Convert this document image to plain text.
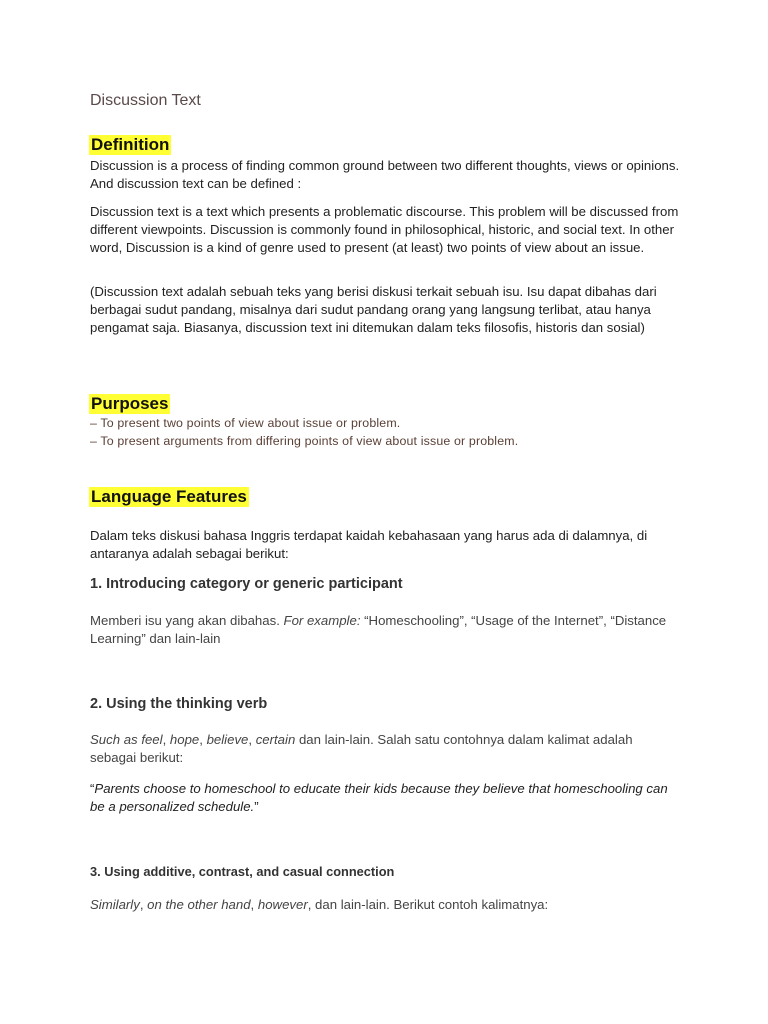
Discussion Text
Definition

Discussion is a process of finding common ground between two different thoughts, views or opinions. And discussion text can be defined :

Discussion text is a text which presents a problematic discourse. This problem will be discussed from different viewpoints. Discussion is commonly found in philosophical, historic, and social text. In other word, Discussion is a kind of genre used to present (at least) two points of view about an issue.

(Discussion text adalah sebuah teks yang berisi diskusi terkait sebuah isu. Isu dapat dibahas dari berbagai sudut pandang, misalnya dari sudut pandang orang yang langsung terlibat, atau hanya pengamat saja. Biasanya, discussion text ini ditemukan dalam teks filosofis, historis dan sosial)

Purposes

– To present two points of view about issue or problem.

– To present arguments from differing points of view about issue or problem.

Language Features

Dalam teks diskusi bahasa Inggris terdapat kaidah kebahasaan yang harus ada di dalamnya, di antaranya adalah sebagai berikut:

1. Introducing category or generic participant

Memberi isu yang akan dibahas. For example: “Homeschooling”, “Usage of the Internet”, “Distance Learning” dan lain-lain

2. Using the thinking verb

Such as feel, hope, believe, certain dan lain-lain. Salah satu contohnya dalam kalimat adalah sebagai berikut:

“Parents choose to homeschool to educate their kids because they believe that homeschooling can be a personalized schedule.”

3. Using additive, contrast, and casual connection

Similarly, on the other hand, however, dan lain-lain. Berikut contoh kalimatnya:
